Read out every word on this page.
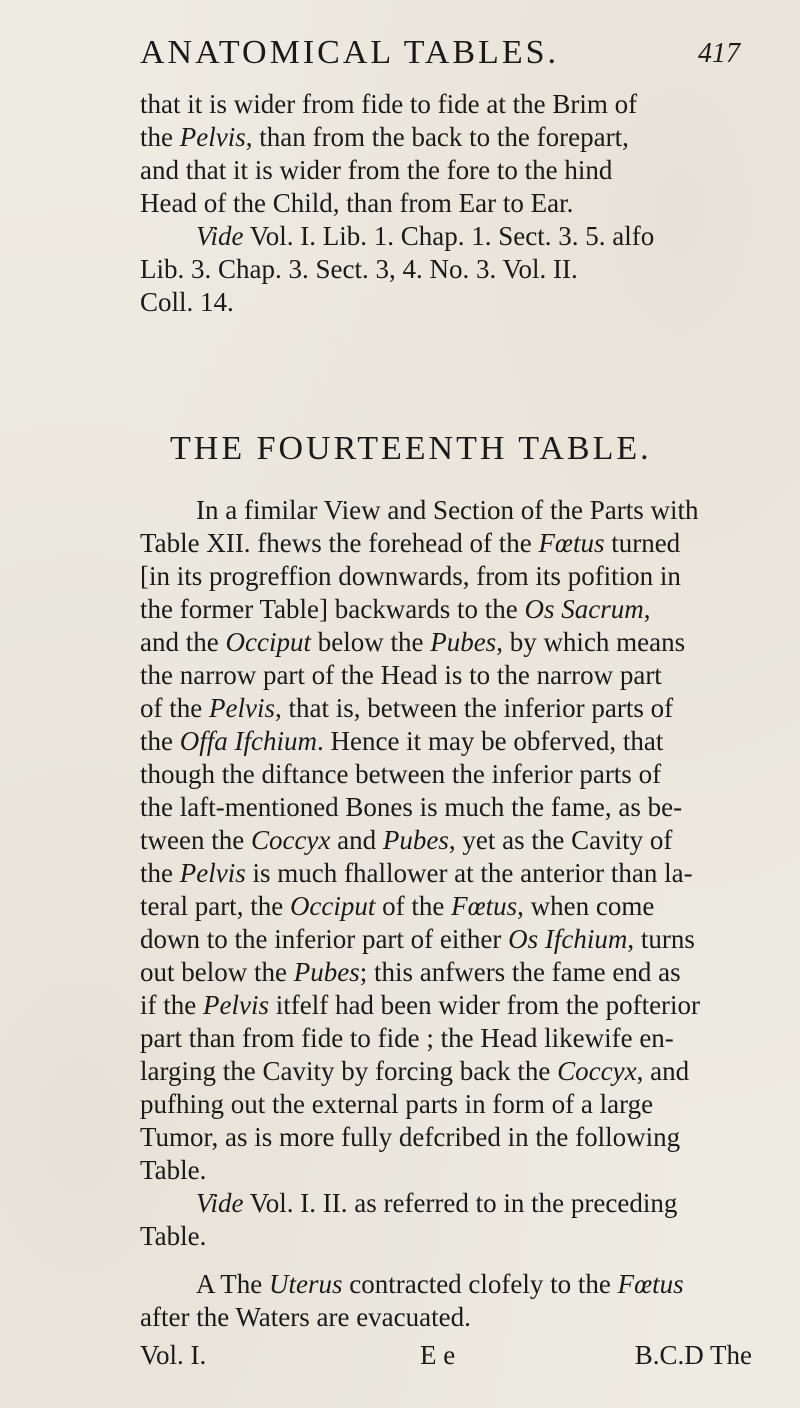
ANATOMICAL TABLES.	417
that it is wider from fide to fide at the Brim of
the Pelvis, than from the back to the forepart,
and that it is wider from the fore to the hind
Head of the Child, than from Ear to Ear.
Vide Vol. I. Lib. 1. Chap. 1. Sect. 3. 5. alfo
Lib. 3. Chap. 3. Sect. 3, 4. No. 3. Vol. II.
Coll. 14.
THE FOURTEENTH TABLE.
In a fimilar View and Section of the Parts with
Table XII. fhews the forehead of the Fœtus turned
[in its progreffion downwards, from its pofition in
the former Table] backwards to the Os Sacrum,
and the Occiput below the Pubes, by which means
the narrow part of the Head is to the narrow part
of the Pelvis, that is, between the inferior parts of
the Offa Ifchium. Hence it may be obferved, that
though the diftance between the inferior parts of
the laft-mentioned Bones is much the fame, as be-
tween the Coccyx and Pubes, yet as the Cavity of
the Pelvis is much fhallower at the anterior than la-
teral part, the Occiput of the Fœtus, when come
down to the inferior part of either Os Ifchium, turns
out below the Pubes; this anfwers the fame end as
if the Pelvis itfelf had been wider from the pofterior
part than from fide to fide ; the Head likewife en-
larging the Cavity by forcing back the Coccyx, and
pufhing out the external parts in form of a large
Tumor, as is more fully defcribed in the following
Table.
Vide Vol. I. II. as referred to in the preceding
Table.
A The Uterus contracted clofely to the Fœtus
after the Waters are evacuated.
Vol. I.	E e	B.C.D The
